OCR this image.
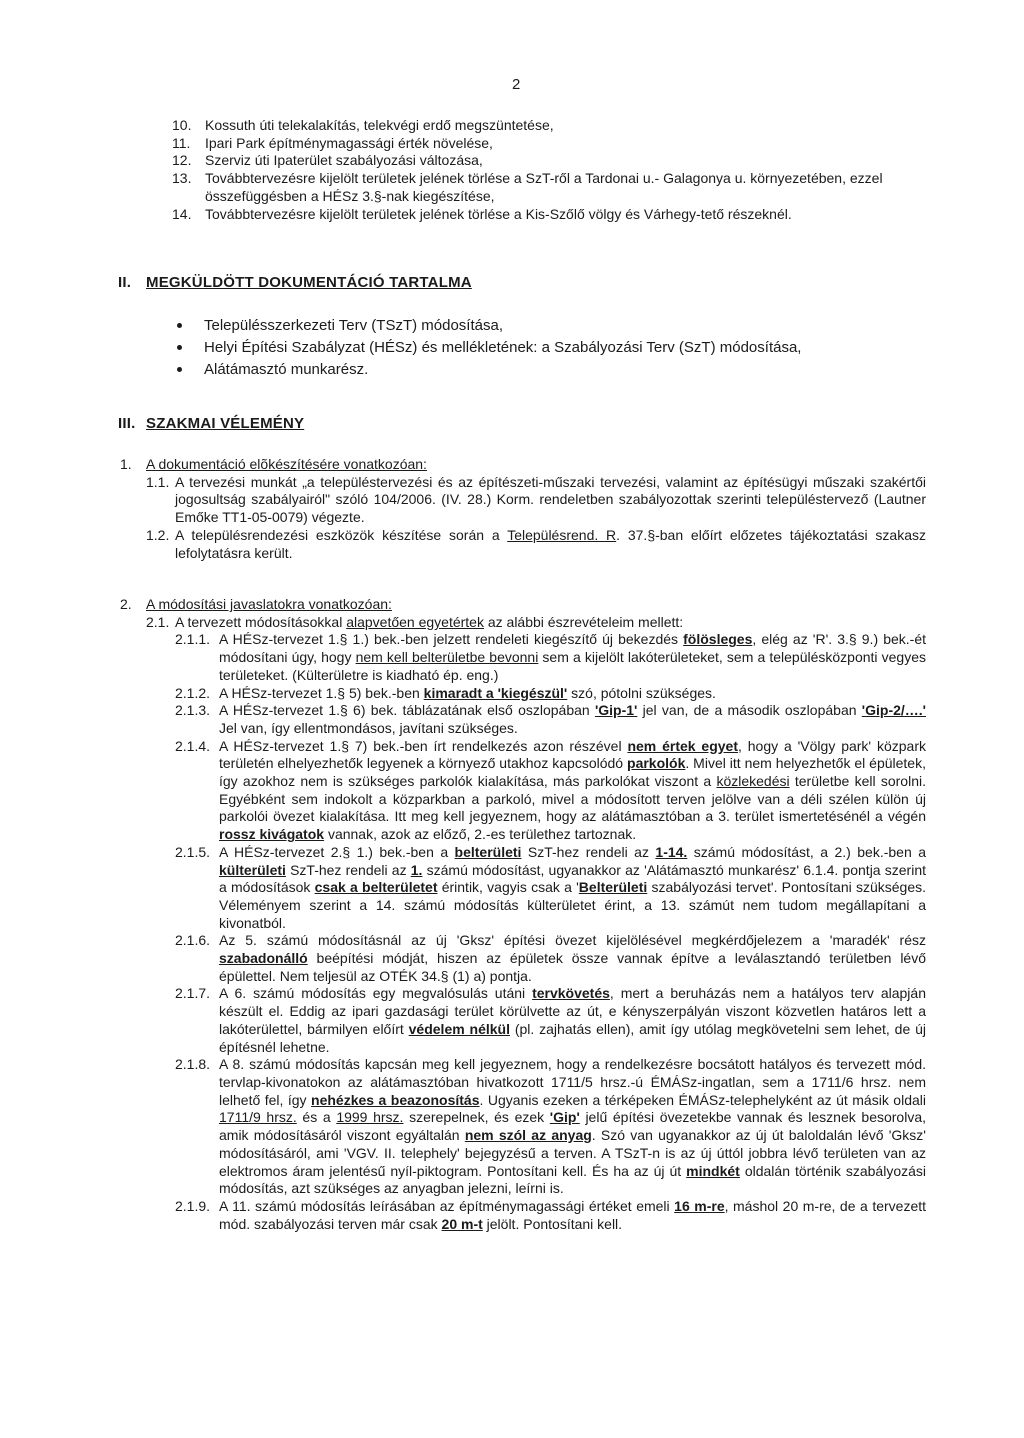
2
10. Kossuth úti telekalakítás, telekvégi erdő megszüntetése,
11. Ipari Park építménymagassági érték növelése,
12. Szerviz úti Ipaterület szabályozási változása,
13. Továbbtervezésre kijelölt területek jelének törlése a SzT-ről a Tardonai u.- Galagonya u. környezetében, ezzel összefüggésben a HÉSz 3.§-nak kiegészítése,
14. Továbbtervezésre kijelölt területek jelének törlése a Kis-Szőlő völgy és Várhegy-tető részeknél.
II. MEGKÜLDÖTT DOKUMENTÁCIÓ TARTALMA
Településszerkezeti Terv (TSzT) módosítása,
Helyi Építési Szabályzat (HÉSz) és mellékletének: a Szabályozási Terv (SzT) módosítása,
Alátámasztó munkarész.
III. SZAKMAI VÉLEMÉNY
1. A dokumentáció elõkészítésére vonatkozóan:
1.1. A tervezési munkát „a településtervezési és az építészeti-műszaki tervezési, valamint az építésügyi műszaki szakértői jogosultság szabályairól" szóló 104/2006. (IV. 28.) Korm. rendeletben szabályozottak szerinti településtervező (Lautner Emőke TT1-05-0079) végezte.
1.2. A településrendezési eszközök készítése során a Településrend. R. 37.§-ban előírt előzetes tájékoztatási szakasz lefolytatásra került.
2. A módosítási javaslatokra vonatkozóan:
2.1. A tervezett módosításokkal alapvetően egyetértek az alábbi észrevételeim mellett:
2.1.1. A HÉSz-tervezet 1.§ 1.) bek.-ben jelzett rendeleti kiegészítő új bekezdés fölösleges, elég az 'R'. 3.§ 9.) bek.-ét módosítani úgy, hogy nem kell belterületbe bevonni sem a kijelölt lakóterületeket, sem a településközponti vegyes területeket. (Külterületre is kiadható ép. eng.)
2.1.2. A HÉSz-tervezet 1.§ 5) bek.-ben kimaradt a 'kiegészül' szó, pótolni szükséges.
2.1.3. A HÉSz-tervezet 1.§ 6) bek. táblázatának első oszlopában 'Gip-1' jel van, de a második oszlopában 'Gip-2/….' Jel van, így ellentmondásos, javítani szükséges.
2.1.4. A HÉSz-tervezet 1.§ 7) bek.-ben írt rendelkezés azon részével nem értek egyet, hogy a 'Völgy park' közpark területén elhelyezhetők legyenek a környező utakhoz kapcsolódó parkolók. Mivel itt nem helyezhetők el épületek, így azokhoz nem is szükséges parkolók kialakítása, más parkolókat viszont a közlekedési területbe kell sorolni. Egyébként sem indokolt a közparkban a parkoló, mivel a módosított terven jelölve van a déli szélen külön új parkolói övezet kialakítása. Itt meg kell jegyeznem, hogy az alátámasztóban a 3. terület ismertetésénél a végén rossz kivágatok vannak, azok az előző, 2.-es területhez tartoznak.
2.1.5. A HÉSz-tervezet 2.§ 1.) bek.-ben a belterületi SzT-hez rendeli az 1-14. számú módosítást, a 2.) bek.-ben a külterületi SzT-hez rendeli az 1. számú módosítást, ugyanakkor az 'Alátámasztó munkarész' 6.1.4. pontja szerint a módosítások csak a belterületet érintik, vagyis csak a 'Belterületi szabályozási tervet'. Pontosítani szükséges. Véleményem szerint a 14. számú módosítás külterületet érint, a 13. számút nem tudom megállapítani a kivonatból.
2.1.6. Az 5. számú módosításnál az új 'Gksz' építési övezet kijelölésével megkérdőjelezem a 'maradék' rész szabadonálló beépítési módját, hiszen az épületek össze vannak építve a leválasztandó területben lévő épülettel. Nem teljesül az OTÉK 34.§ (1) a) pontja.
2.1.7. A 6. számú módosítás egy megvalósulás utáni tervkövetés, mert a beruházás nem a hatályos terv alapján készült el. Eddig az ipari gazdasági terület körülvette az út, e kényszerpályán viszont közvetlen határos lett a lakóterülettel, bármilyen előírt védelem nélkül (pl. zajhatás ellen), amit így utólag megkövetelni sem lehet, de új építésnél lehetne.
2.1.8. A 8. számú módosítás kapcsán meg kell jegyeznem, hogy a rendelkezésre bocsátott hatályos és tervezett mód. tervlap-kivonatokon az alátámasztóban hivatkozott 1711/5 hrsz.-ú ÉMÁSz-ingatlan, sem a 1711/6 hrsz. nem lelhető fel, így nehézkes a beazonosítás. Ugyanis ezeken a térképeken ÉMÁSz-telephelyként az út másik oldali 1711/9 hrsz. és a 1999 hrsz. szerepelnek, és ezek 'Gip' jelű építési övezetekbe vannak és lesznek besorolva, amik módosításáról viszont egyáltalán nem szól az anyag. Szó van ugyanakkor az új út baloldalán lévő 'Gksz' módosításáról, ami 'VGV. II. telephely' bejegyzésű a terven. A TSzT-n is az új úttól jobbra lévő területen van az elektromos áram jelentésű nyíl-piktogram. Pontosítani kell. És ha az új út mindkét oldalán történik szabályozási módosítás, azt szükséges az anyagban jelezni, leírni is.
2.1.9. A 11. számú módosítás leírásában az építménymagassági értéket emeli 16 m-re, máshol 20 m-re, de a tervezett mód. szabályozási terven már csak 20 m-t jelölt. Pontosítani kell.
